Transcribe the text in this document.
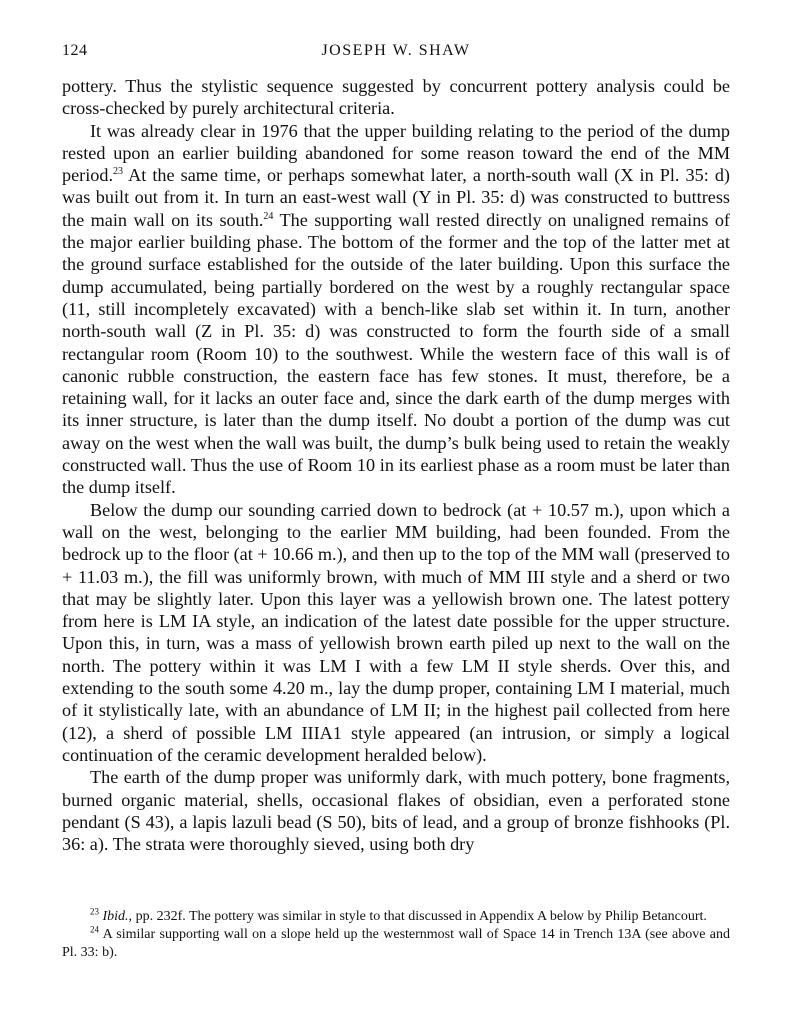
124	JOSEPH W. SHAW

pottery. Thus the stylistic sequence suggested by concurrent pottery analysis could be cross-checked by purely architectural criteria.

It was already clear in 1976 that the upper building relating to the period of the dump rested upon an earlier building abandoned for some reason toward the end of the MM period.$^{23}$ At the same time, or perhaps somewhat later, a north-south wall (X in Pl. 35: d) was built out from it. In turn an east-west wall (Y in Pl. 35: d) was constructed to buttress the main wall on its south.$^{24}$ The supporting wall rested directly on unaligned remains of the major earlier building phase. The bottom of the former and the top of the latter met at the ground surface established for the outside of the later building. Upon this surface the dump accumulated, being partially bordered on the west by a roughly rectangular space (11, still incompletely excavated) with a bench-like slab set within it. In turn, another north-south wall (Z in Pl. 35: d) was constructed to form the fourth side of a small rectangular room (Room 10) to the southwest. While the western face of this wall is of canonic rubble construction, the eastern face has few stones. It must, therefore, be a retaining wall, for it lacks an outer face and, since the dark earth of the dump merges with its inner structure, is later than the dump itself. No doubt a portion of the dump was cut away on the west when the wall was built, the dump’s bulk being used to retain the weakly constructed wall. Thus the use of Room 10 in its earliest phase as a room must be later than the dump itself.

Below the dump our sounding carried down to bedrock (at + 10.57 m.), upon which a wall on the west, belonging to the earlier MM building, had been founded. From the bedrock up to the floor (at + 10.66 m.), and then up to the top of the MM wall (preserved to + 11.03 m.), the fill was uniformly brown, with much of MM III style and a sherd or two that may be slightly later. Upon this layer was a yellowish brown one. The latest pottery from here is LM IA style, an indication of the latest date possible for the upper structure. Upon this, in turn, was a mass of yellowish brown earth piled up next to the wall on the north. The pottery within it was LM I with a few LM II style sherds. Over this, and extending to the south some 4.20 m., lay the dump proper, containing LM I material, much of it stylistically late, with an abundance of LM II; in the highest pail collected from here (12), a sherd of possible LM IIIA1 style appeared (an intrusion, or simply a logical continuation of the ceramic development heralded below).

The earth of the dump proper was uniformly dark, with much pottery, bone fragments, burned organic material, shells, occasional flakes of obsidian, even a perforated stone pendant (S 43), a lapis lazuli bead (S 50), bits of lead, and a group of bronze fishhooks (Pl. 36: a). The strata were thoroughly sieved, using both dry

$^{23}$ Ibid., pp. 232f. The pottery was similar in style to that discussed in Appendix A below by Philip Betancourt.

$^{24}$ A similar supporting wall on a slope held up the westernmost wall of Space 14 in Trench 13A (see above and Pl. 33: b).
